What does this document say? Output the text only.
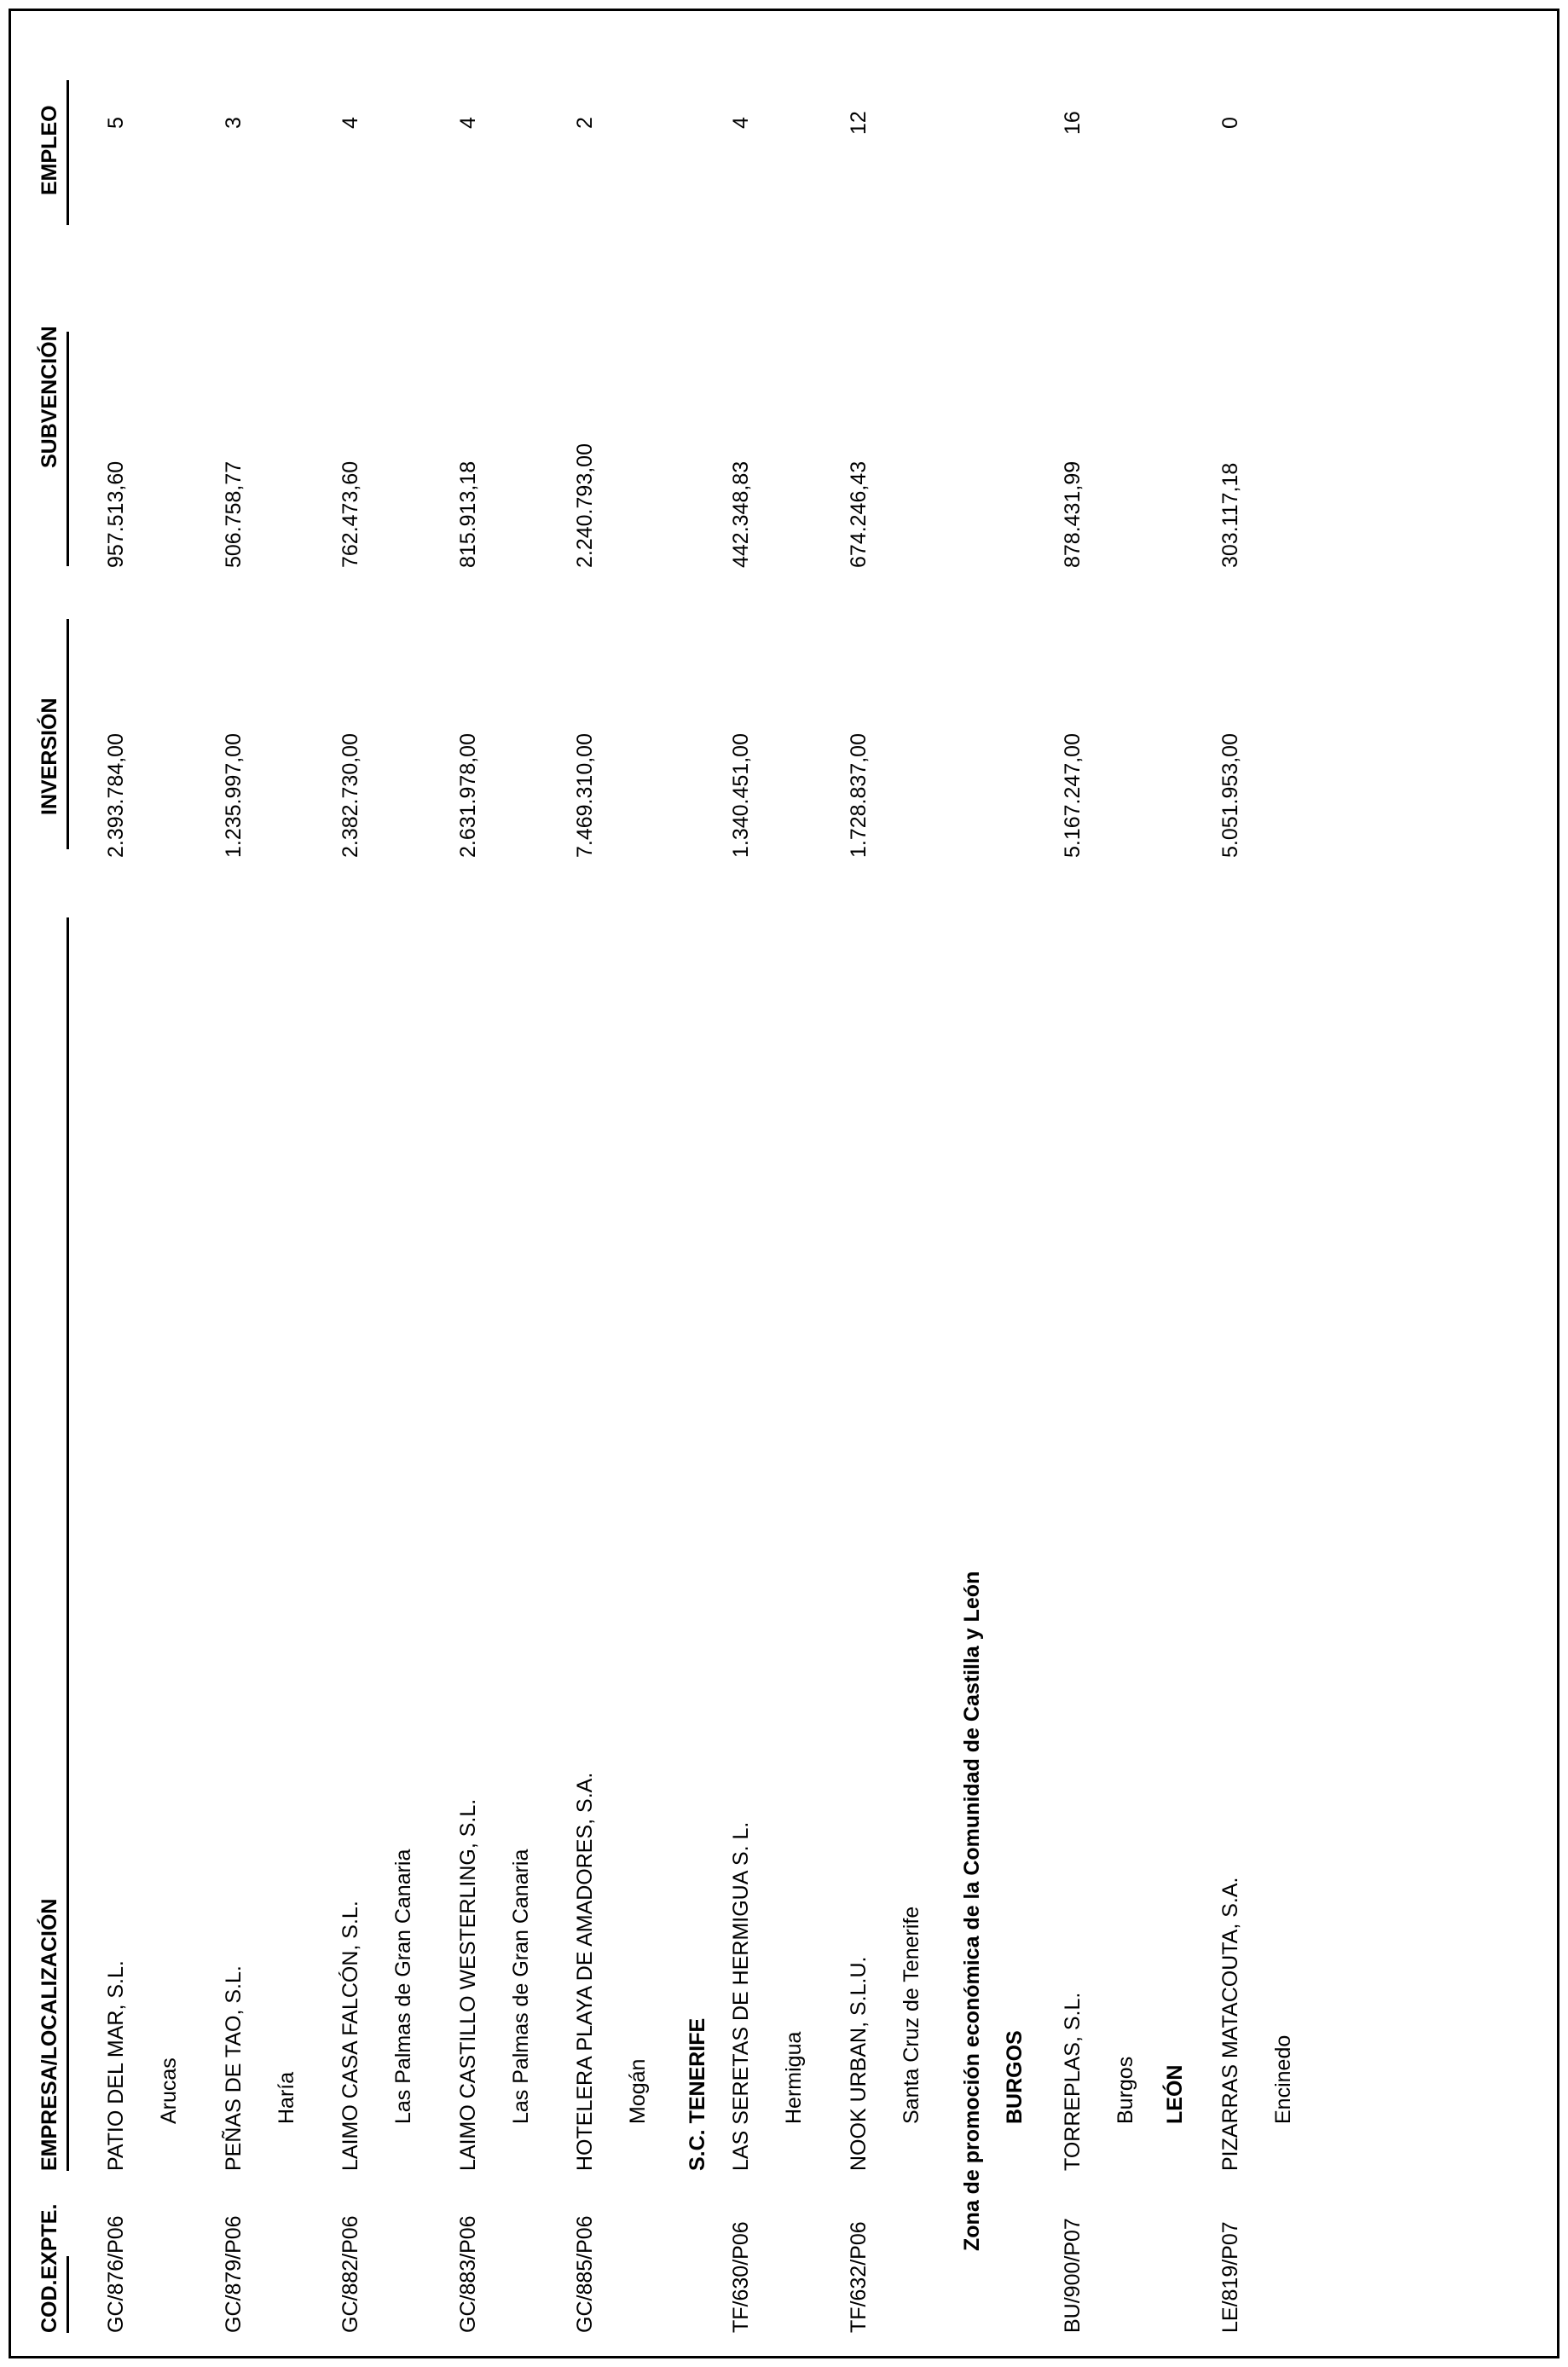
COD.EXPTE.
EMPRESA/LOCALIZACIÓN
INVERSIÓN
SUBVENCIÓN
EMPLEO
GC/876/P06
PATIO DEL MAR, S.L.
2.393.784,00
957.513,60
5
Arucas
GC/879/P06
PEÑAS DE TAO, S.L.
1.235.997,00
506.758,77
3
Haría
GC/882/P06
LAIMO CASA FALCÓN, S.L.
2.382.730,00
762.473,60
4
Las Palmas de Gran Canaria
GC/883/P06
LAIMO CASTILLO WESTERLING, S.L.
2.631.978,00
815.913,18
4
Las Palmas de Gran Canaria
GC/885/P06
HOTELERA PLAYA DE AMADORES, S.A.
7.469.310,00
2.240.793,00
2
Mogán S.C. TENERIFE
TF/630/P06
LAS SERETAS DE HERMIGUA S. L.
1.340.451,00
442.348,83
4
Hermigua
TF/632/P06
NOOK URBAN, S.L.U.
1.728.837,00
674.246,43
12
Santa Cruz de Tenerife Zona de promoción económica de la Comunidad de Castilla y León BURGOS
BU/900/P07
TORREPLAS, S.L.
5.167.247,00
878.431,99
16
Burgos LEÓN
LE/819/P07
PIZARRAS MATACOUTA, S.A.
5.051.953,00
303.117,18
0
Encinedo
